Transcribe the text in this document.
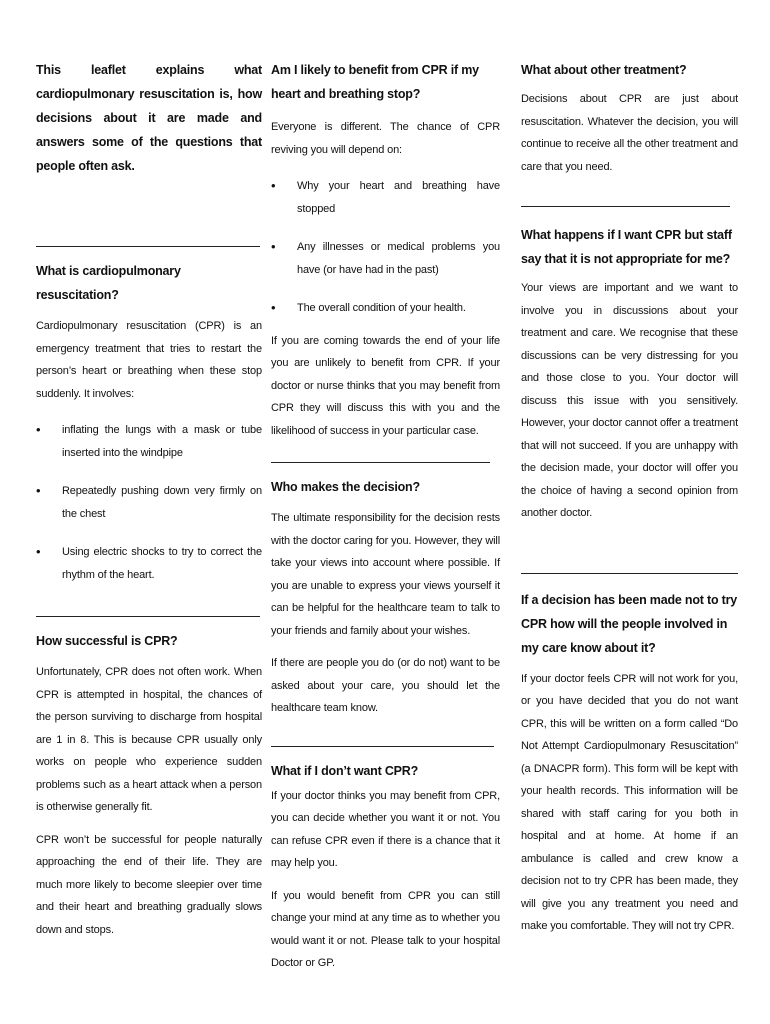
This leaflet explains what cardiopulmonary resuscitation is, how decisions about it are made and answers some of the questions that people often ask.

What is cardiopulmonary resuscitation?

Cardiopulmonary resuscitation (CPR) is an emergency treatment that tries to restart the person’s heart or breathing when these stop suddenly. It involves:

• inflating the lungs with a mask or tube inserted into the windpipe
• Repeatedly pushing down very firmly on the chest
• Using electric shocks to try to correct the rhythm of the heart.

How successful is CPR?

Unfortunately, CPR does not often work. When CPR is attempted in hospital, the chances of the person surviving to discharge from hospital are 1 in 8. This is because CPR usually only works on people who experience sudden problems such as a heart attack when a person is otherwise generally fit.

CPR won’t be successful for people naturally approaching the end of their life. They are much more likely to become sleepier over time and their heart and breathing gradually slows down and stops.

Am I likely to benefit from CPR if my heart and breathing stop?

Everyone is different. The chance of CPR reviving you will depend on:

• Why your heart and breathing have stopped
• Any illnesses or medical problems you have (or have had in the past)
• The overall condition of your health.

If you are coming towards the end of your life you are unlikely to benefit from CPR. If your doctor or nurse thinks that you may benefit from CPR they will discuss this with you and the likelihood of success in your particular case.

Who makes the decision?

The ultimate responsibility for the decision rests with the doctor caring for you. However, they will take your views into account where possible. If you are unable to express your views yourself it can be helpful for the healthcare team to talk to your friends and family about your wishes.

If there are people you do (or do not) want to be asked about your care, you should let the healthcare team know.

What if I don’t want CPR?

If your doctor thinks you may benefit from CPR, you can decide whether you want it or not. You can refuse CPR even if there is a chance that it may help you.

If you would benefit from CPR you can still change your mind at any time as to whether you would want it or not. Please talk to your hospital Doctor or GP.

What about other treatment?

Decisions about CPR are just about resuscitation. Whatever the decision, you will continue to receive all the other treatment and care that you need.

What happens if I want CPR but staff say that it is not appropriate for me?

Your views are important and we want to involve you in discussions about your treatment and care. We recognise that these discussions can be very distressing for you and those close to you. Your doctor will discuss this issue with you sensitively. However, your doctor cannot offer a treatment that will not succeed. If you are unhappy with the decision made, your doctor will offer you the choice of having a second opinion from another doctor.

If a decision has been made not to try CPR how will the people involved in my care know about it?

If your doctor feels CPR will not work for you, or you have decided that you do not want CPR, this will be written on a form called “Do Not Attempt Cardiopulmonary Resuscitation” (a DNACPR form). This form will be kept with your health records. This information will be shared with staff caring for you both in hospital and at home. At home if an ambulance is called and crew know a decision not to try CPR has been made, they will give you any treatment you need and make you comfortable. They will not try CPR.
